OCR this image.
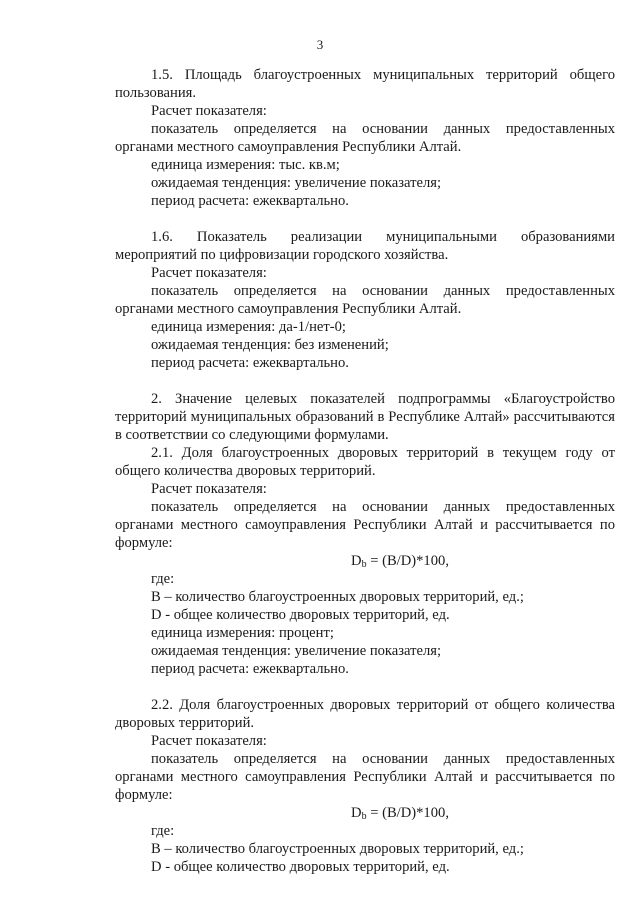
3

1.5. Площадь благоустроенных муниципальных территорий общего пользования.

Расчет показателя:

показатель определяется на основании данных предоставленных органами местного самоуправления Республики Алтай.

единица измерения: тыс. кв.м;

ожидаемая тенденция: увеличение показателя;

период расчета: ежеквартально.

1.6. Показатель реализации муниципальными образованиями мероприятий по цифровизации городского хозяйства.

Расчет показателя:

показатель определяется на основании данных предоставленных органами местного самоуправления Республики Алтай.

единица измерения: да-1/нет-0;

ожидаемая тенденция: без изменений;

период расчета: ежеквартально.

2. Значение целевых показателей подпрограммы «Благоустройство территорий муниципальных образований в Республике Алтай» рассчитываются в соответствии со следующими формулами.

2.1. Доля благоустроенных дворовых территорий в текущем году от общего количества дворовых территорий.

Расчет показателя:

показатель определяется на основании данных предоставленных органами местного самоуправления Республики Алтай и рассчитывается по формуле:

$D_b = (B/D)*100$,

где:

B – количество благоустроенных дворовых территорий, ед.;

D - общее количество дворовых территорий, ед.

единица измерения: процент;

ожидаемая тенденция: увеличение показателя;

период расчета: ежеквартально.

2.2. Доля благоустроенных дворовых территорий от общего количества дворовых территорий.

Расчет показателя:

показатель определяется на основании данных предоставленных органами местного самоуправления Республики Алтай и рассчитывается по формуле:

$D_b = (B/D)*100$,

где:

B – количество благоустроенных дворовых территорий, ед.;

D - общее количество дворовых территорий, ед.
